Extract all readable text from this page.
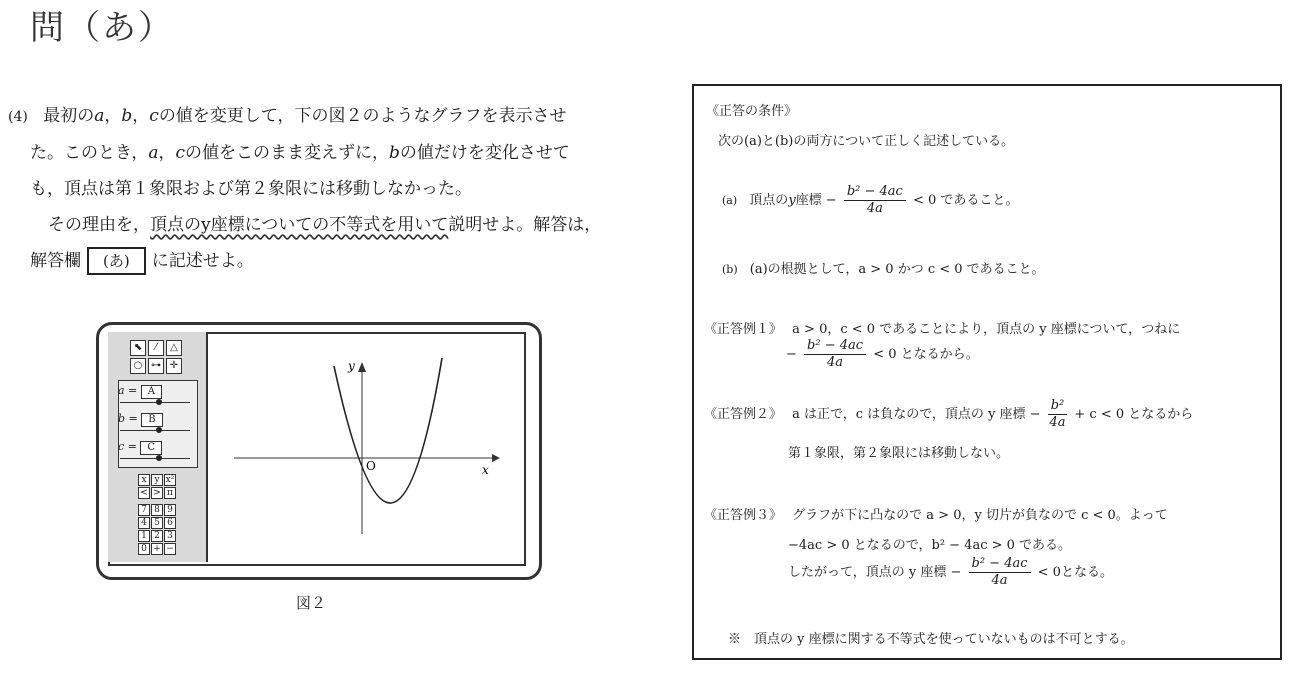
問（あ）
(4) 最初のa，b，cの値を変更して，下の図２のようなグラフを表示させ
た。このとき，a，cの値をこのまま変えずに，bの値だけを変化させて
も，頂点は第１象限および第２象限には移動しなかった。
その理由を，頂点のy座標についての不等式を用いて説明せよ。解答は，
解答欄 (あ) に記述せよ。
⬉	⁄	△
○ ⊶ ✛
a = A
b = B
c = C
x y x²
< > π
7 8 9
4 5 6
1 2 3
0 + −
y
x
O
図２
《正答の条件》
次の(a)と(b)の両方について正しく記述している。
(a) 頂点のy座標 − $\frac{\text{b² − 4ac}}{4a} < 0$ であること。
(b) (a)の根拠として，a > 0 かつ c < 0 であること。
《正答例１》 a > 0，c < 0 であることにより，頂点の y 座標について，つねに
− $\frac{\text{b² − 4ac}}{4a} < 0$ となるから。
《正答例２》 a は正で，c は負なので，頂点の y 座標 − $\frac{\text{b²}}{4a} + c < 0$ となるから
第１象限，第２象限には移動しない。
《正答例３》 グラフが下に凸なので a > 0，y 切片が負なので c < 0。よって
−4ac > 0 となるので，b² − 4ac > 0 である。
したがって，頂点の y 座標 − $\frac{\text{b² − 4ac}}{4a} < 0$となる。
※　頂点の y 座標に関する不等式を使っていないものは不可とする。
